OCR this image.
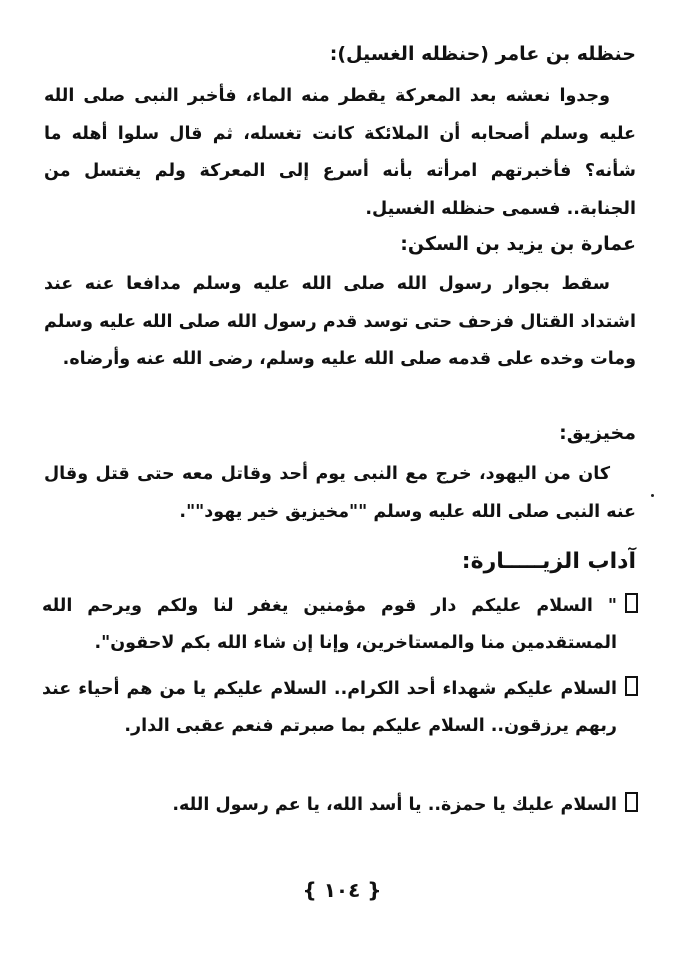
حنظله بن عامر (حنظله الغسيل):
وجدوا نعشه بعد المعركة يقطر منه الماء، فأخبر النبى صلى الله عليه وسلم أصحابه أن الملائكة كانت تغسله، ثم قال سلوا أهله ما شأنه؟ فأخبرتهم امرأته بأنه أسرع إلى المعركة ولم يغتسل من الجنابة.. فسمى حنظله الغسيل.
عمارة بن يزيد بن السكن:
سقط بجوار رسول الله صلى الله عليه وسلم مدافعا عنه عند اشتداد القتال فزحف حتى توسد قدم رسول الله صلى الله عليه وسلم ومات وخده على قدمه صلى الله عليه وسلم، رضى الله عنه وأرضاه.
مخيزيق:
كان من اليهود، خرج مع النبى يوم أحد وقاتل معه حتى قتل وقال عنه النبى صلى الله عليه وسلم ""مخيزيق خير يهود"".
آداب الزيـــــارة:
" السلام عليكم دار قوم مؤمنين يغفر لنا ولكم ويرحم الله المستقدمين منا والمستاخرين، وإنا إن شاء الله بكم لاحقون".
السلام عليكم شهداء أحد الكرام.. السلام عليكم يا من هم أحياء عند ربهم يرزقون.. السلام عليكم بما صبرتم فنعم عقبى الدار.
السلام عليك يا حمزة.. يا أسد الله، يا عم رسول الله.
{ ١٠٤ }
